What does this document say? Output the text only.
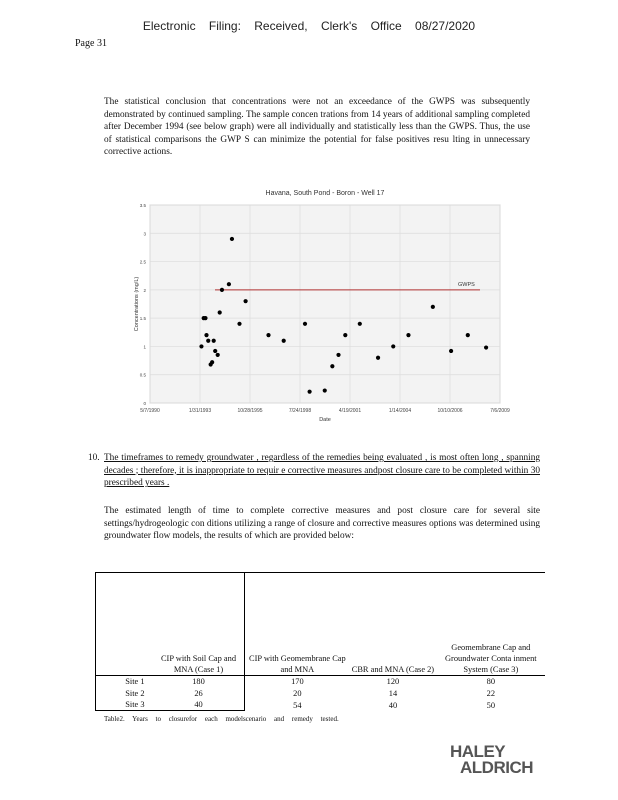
Electronic Filing: Received, Clerk's Office 08/27/2020
Page 31
The statistical conclusion that concentrations were not an exceedance of the GWPS was subsequently demonstrated by continued sampling. The sample concen trations from 14 years of additional sampling completed after December 1994 (see below graph) were all individually and statistically less than the GWPS. Thus, the use of statistical comparisons the GWP S can minimize the potential for false positives resu lting in unnecessary corrective actions.
0
0.5
1
1.5
2
2.5
3
3.5
5/7/1990	1/31/1993	10/28/1995	7/24/1998	4/19/2001	1/14/2004	10/10/2006	7/6/2009
Havana, South Pond - Boron - Well 17
Date
Concentrations (mg/L)	GWPS
10. The timeframes to remedy groundwater , regardless of the remedies being evaluated , is most often long , spanning decades ; therefore, it is inappropriate to requir e corrective measures andpost closure care to be completed within 30 prescribed years .
The estimated length of time to complete corrective measures and post closure care for several site settings/hydrogeologic con ditions utilizing a range of closure and corrective measures options was determined using groundwater flow models, the results of which are provided below:
	CIP with Soil Cap and MNA (Case 1)	CIP with Geomembrane Cap and MNA	CBR and MNA (Case 2)	Geomembrane Cap and Groundwater Conta inment System (Case 3)
Site 1	180	170	120	80
Site 2	26	20	14	22
Site 3	40	54	40	50
Table2. Years to closurefor each modelscenario and remedy tested.
HALEY
ALDRICH
